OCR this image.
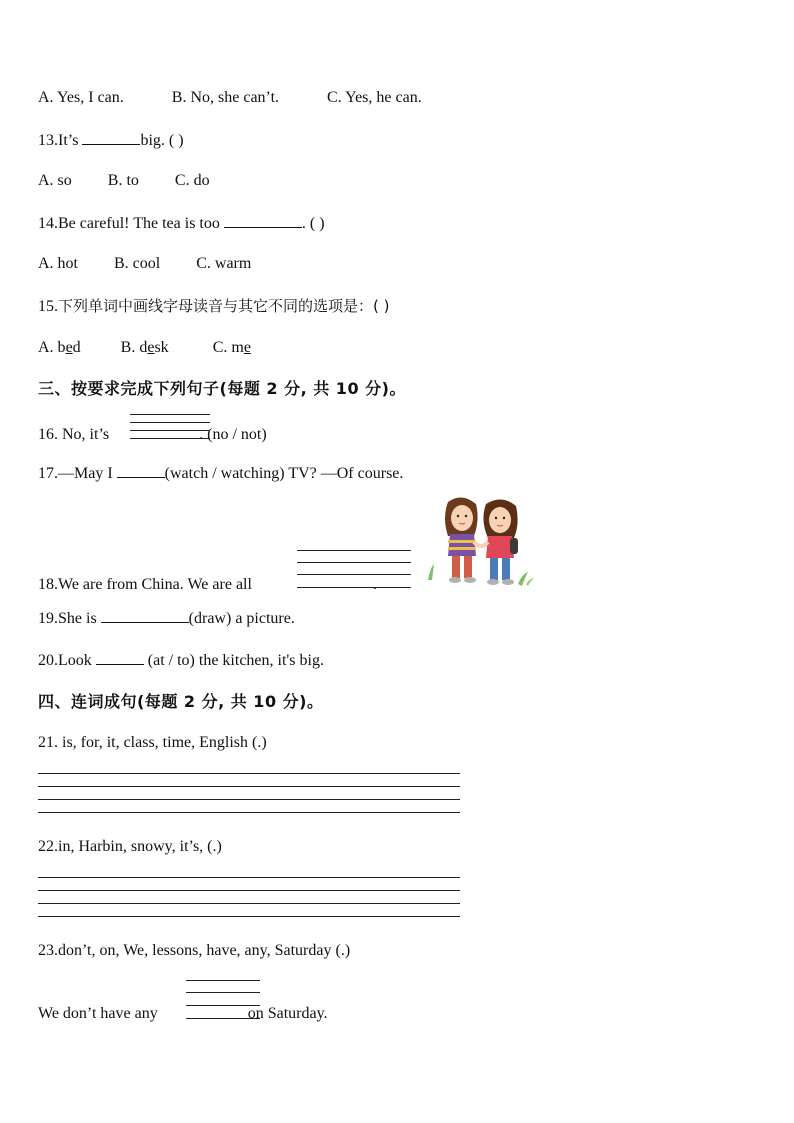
A. Yes, I can.	B. No, she can’t.	C. Yes, he can.
13.It’s	big. ( )
A. so B. to C. do
14.Be careful! The tea is too	. ( )
A. hot B. cool C. warm
15.下列单词中画线字母读音与其它不同的选项是：( )
A. bed	B. desk	C. me
三、按要求完成下列句子(每题 2 分, 共 10 分)。
16. No, it’s	. (no / not)
17.—May I	(watch / watching) TV? —Of course.
18.We are from China. We are all	.
19.She is	(draw) a picture.
20.Look	(at / to) the kitchen, it's big.
四、连词成句(每题 2 分, 共 10 分)。
21. is, for, it, class, time, English (.)
22.in, Harbin, snowy, it’s, (.)
23.don’t, on, We, lessons, have, any, Saturday (.)
We don’t have any	on Saturday.
